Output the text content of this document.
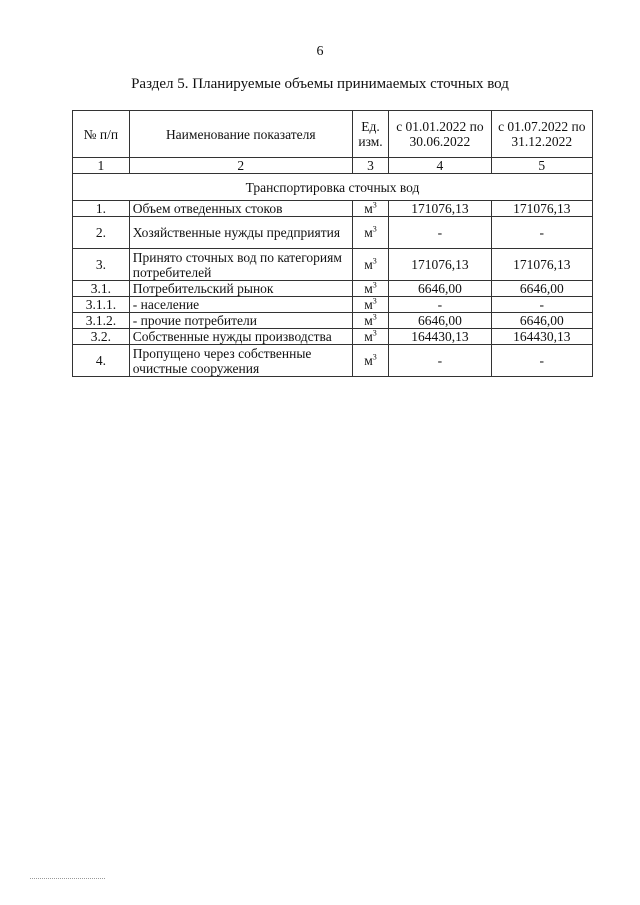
6
Раздел 5. Планируемые объемы принимаемых сточных вод
№ п/п	Наименование показателя	Ед. изм.	с 01.01.2022 по 30.06.2022	с 01.07.2022 по 31.12.2022
1	2	3	4	5
Транспортировка сточных вод				
1.	Объем отведенных стоков	$м^3$	171076,13	171076,13
2.	Хозяйственные нужды предприятия	$м^3$	-	-
3.	Принято сточных вод по категориям потребителей	$м^3$	171076,13	171076,13
3.1.	Потребительский рынок	$м^3$	6646,00	6646,00
3.1.1.	- население	$м^3$	-	-
3.1.2.	- прочие потребители	$м^3$	6646,00	6646,00
3.2.	Собственные нужды производства	$м^3$	164430,13	164430,13
4.	Пропущено через собственные очистные сооружения	$м^3$	-	-
